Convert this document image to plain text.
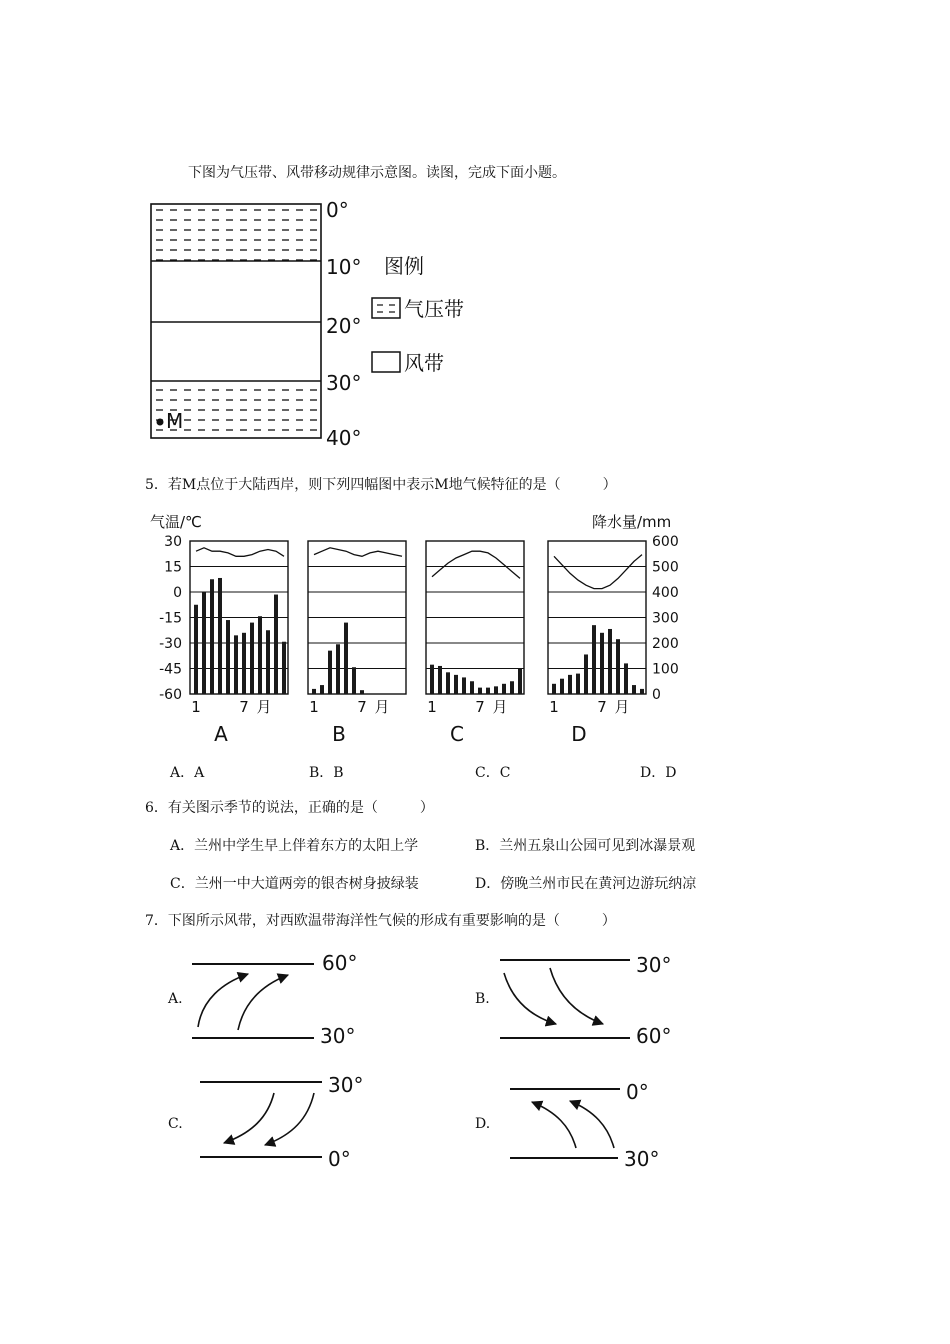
下图为气压带、风带移动规律示意图。读图，完成下面小题。
0°
10°
20°
30°
40°
M
图例
气压带
风带
5．若M点位于大陆西岸，则下列四幅图中表示M地气候特征的是（　　　）
气温/℃	降水量/mm
30
15
0
-15
-30
-45
-60
600
500
400
300
200
100
0
1	7 月
A
1	7 月
B
1	7 月
C
1	7 月
D
A．A	B．B	C．C	D．D
6．有关图示季节的说法，正确的是（　　　）
A．兰州中学生早上伴着东方的太阳上学	B．兰州五泉山公园可见到冰瀑景观
C．兰州一中大道两旁的银杏树身披绿装	D．傍晚兰州市民在黄河边游玩纳凉
7．下图所示风带，对西欧温带海洋性气候的形成有重要影响的是（　　　）
A.	B.
C.	D.
60°
30°
30°
60°
30°
0°
0°
30°
